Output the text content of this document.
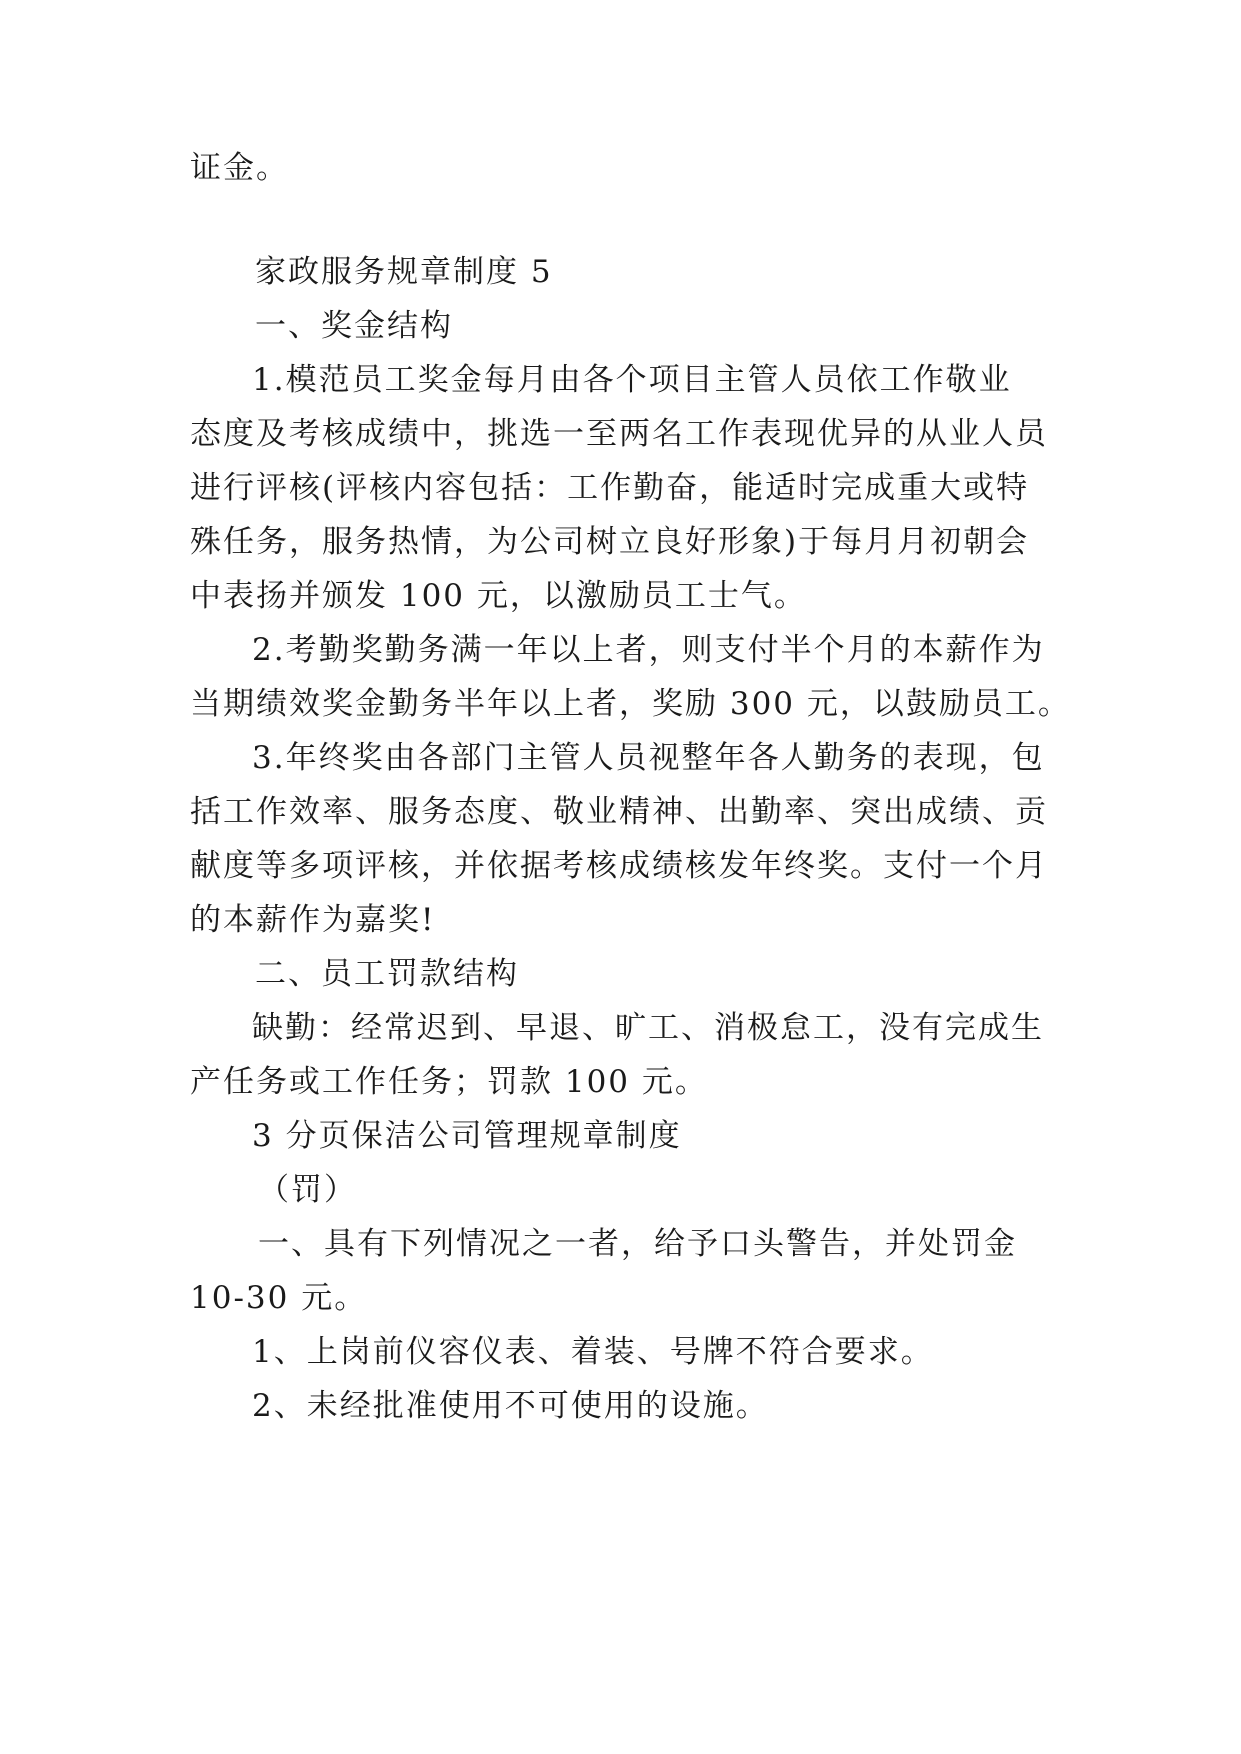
证金。
家政服务规章制度 5
一、奖金结构
1.模范员工奖金每月由各个项目主管人员依工作敬业
态度及考核成绩中，挑选一至两名工作表现优异的从业人员
进行评核(评核内容包括：工作勤奋，能适时完成重大或特
殊任务，服务热情，为公司树立良好形象)于每月月初朝会
中表扬并颁发 100 元，以激励员工士气。
2.考勤奖勤务满一年以上者，则支付半个月的本薪作为
当期绩效奖金勤务半年以上者，奖励 300 元，以鼓励员工。
3.年终奖由各部门主管人员视整年各人勤务的表现，包
括工作效率、服务态度、敬业精神、出勤率、突出成绩、贡
献度等多项评核，并依据考核成绩核发年终奖。支付一个月
的本薪作为嘉奖!
二、员工罚款结构
缺勤：经常迟到、早退、旷工、消极怠工，没有完成生
产任务或工作任务；罚款 100 元。
3 分页保洁公司管理规章制度
（罚）
一、具有下列情况之一者，给予口头警告，并处罚金
10-30 元。
1、上岗前仪容仪表、着装、号牌不符合要求。
2、未经批准使用不可使用的设施。
